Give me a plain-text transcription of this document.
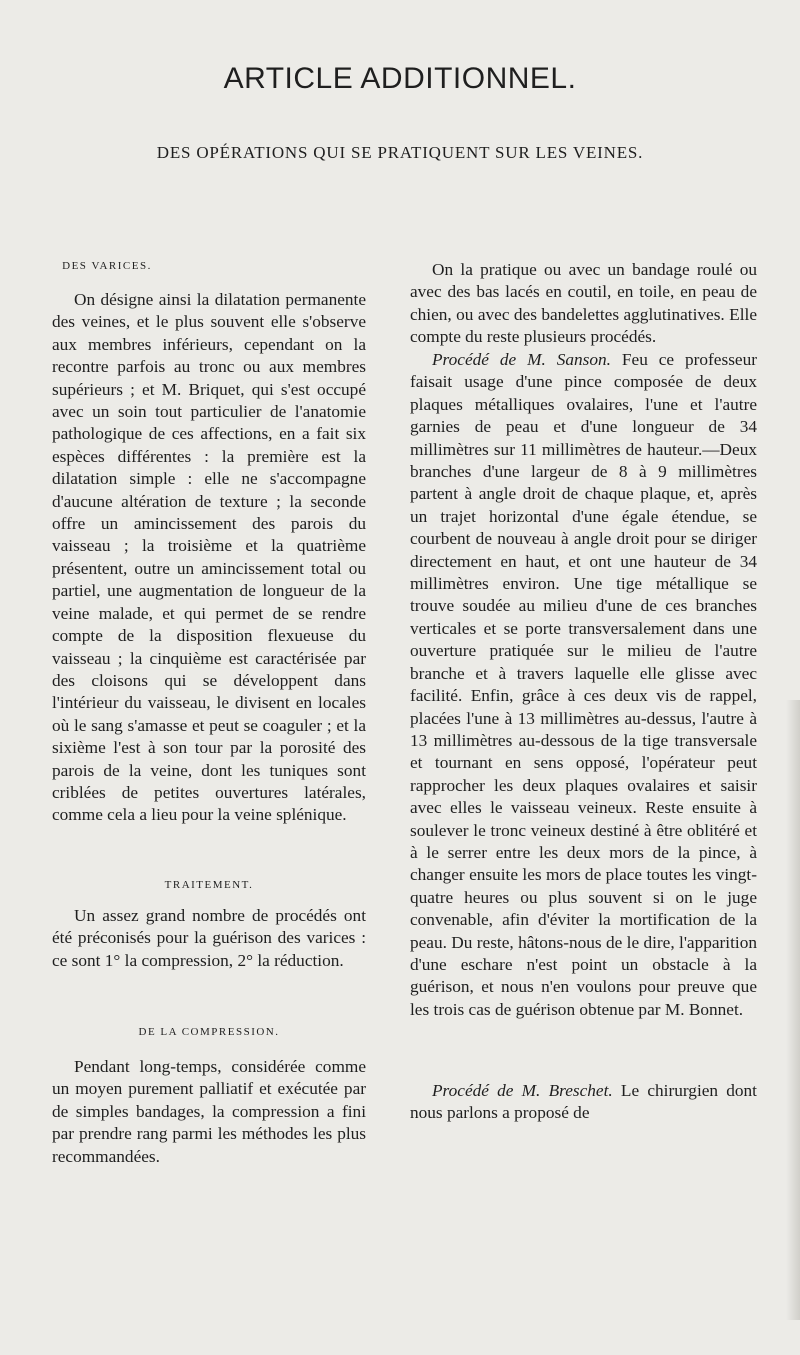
ARTICLE ADDITIONNEL.
DES OPÉRATIONS QUI SE PRATIQUENT SUR LES VEINES.
DES VARICES.

On désigne ainsi la dilatation permanente des veines, et le plus souvent elle s'observe aux membres inférieurs, cependant on la recontre parfois au tronc ou aux membres supérieurs ; et M. Briquet, qui s'est occupé avec un soin tout particulier de l'anatomie pathologique de ces affections, en a fait six espèces différentes : la première est la dilatation simple : elle ne s'accompagne d'aucune altération de texture ; la seconde offre un amincissement des parois du vaisseau ; la troisième et la quatrième présentent, outre un amincissement total ou partiel, une augmentation de longueur de la veine malade, et qui permet de se rendre compte de la disposition flexueuse du vaisseau ; la cinquième est caractérisée par des cloisons qui se développent dans l'intérieur du vaisseau, le divisent en locales où le sang s'amasse et peut se coaguler ; et la sixième l'est à son tour par la porosité des parois de la veine, dont les tuniques sont criblées de petites ouvertures latérales, comme cela a lieu pour la veine splénique.

TRAITEMENT.

Un assez grand nombre de procédés ont été préconisés pour la guérison des varices : ce sont 1° la compression, 2° la réduction.

DE LA COMPRESSION.

Pendant long-temps, considérée comme un moyen purement palliatif et exécutée par de simples bandages, la compression a fini par prendre rang parmi les méthodes les plus recommandées.

On la pratique ou avec un bandage roulé ou avec des bas lacés en coutil, en toile, en peau de chien, ou avec des bandelettes agglutinatives. Elle compte du reste plusieurs procédés.

Procédé de M. Sanson. Feu ce professeur faisait usage d'une pince composée de deux plaques métalliques ovalaires, l'une et l'autre garnies de peau et d'une longueur de 34 millimètres sur 11 millimètres de hauteur.—Deux branches d'une largeur de 8 à 9 millimètres partent à angle droit de chaque plaque, et, après un trajet horizontal d'une égale étendue, se courbent de nouveau à angle droit pour se diriger directement en haut, et ont une hauteur de 34 millimètres environ. Une tige métallique se trouve soudée au milieu d'une de ces branches verticales et se porte transversalement dans une ouverture pratiquée sur le milieu de l'autre branche et à travers laquelle elle glisse avec facilité. Enfin, grâce à ces deux vis de rappel, placées l'une à 13 millimètres au-dessus, l'autre à 13 millimètres au-dessous de la tige transversale et tournant en sens opposé, l'opérateur peut rapprocher les deux plaques ovalaires et saisir avec elles le vaisseau veineux. Reste ensuite à soulever le tronc veineux destiné à être oblitéré et à le serrer entre les deux mors de la pince, à changer ensuite les mors de place toutes les vingt-quatre heures ou plus souvent si on le juge convenable, afin d'éviter la mortification de la peau. Du reste, hâtons-nous de le dire, l'apparition d'une eschare n'est point un obstacle à la guérison, et nous n'en voulons pour preuve que les trois cas de guérison obtenue par M. Bonnet.

Procédé de M. Breschet. Le chirurgien dont nous parlons a proposé de
